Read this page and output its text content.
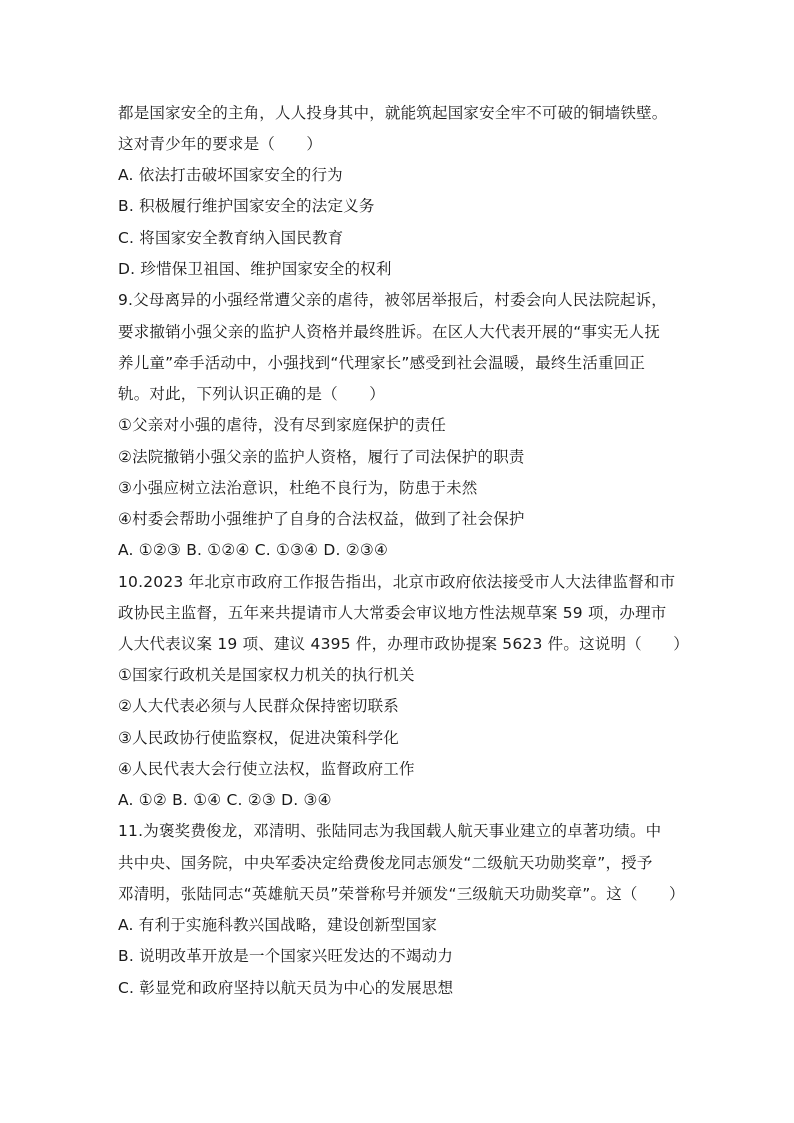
都是国家安全的主角，人人投身其中，就能筑起国家安全牢不可破的铜墙铁壁。
这对青少年的要求是（　　）
A. 依法打击破坏国家安全的行为
B. 积极履行维护国家安全的法定义务
C. 将国家安全教育纳入国民教育
D. 珍惜保卫祖国、维护国家安全的权利
9.父母离异的小强经常遭父亲的虐待，被邻居举报后，村委会向人民法院起诉，
要求撤销小强父亲的监护人资格并最终胜诉。在区人大代表开展的“事实无人抚
养儿童”牵手活动中，小强找到“代理家长”感受到社会温暖，最终生活重回正
轨。对此，下列认识正确的是（　　）
①父亲对小强的虐待，没有尽到家庭保护的责任
②法院撤销小强父亲的监护人资格，履行了司法保护的职责
③小强应树立法治意识，杜绝不良行为，防患于未然
④村委会帮助小强维护了自身的合法权益，做到了社会保护
A. ①②③ B. ①②④ C. ①③④ D. ②③④
10.2023 年北京市政府工作报告指出，北京市政府依法接受市人大法律监督和市
政协民主监督，五年来共提请市人大常委会审议地方性法规草案 59 项，办理市
人大代表议案 19 项、建议 4395 件，办理市政协提案 5623 件。这说明（　　）
①国家行政机关是国家权力机关的执行机关
②人大代表必须与人民群众保持密切联系
③人民政协行使监察权，促进决策科学化
④人民代表大会行使立法权，监督政府工作
A. ①② B. ①④ C. ②③ D. ③④
11.为褒奖费俊龙，邓清明、张陆同志为我国载人航天事业建立的卓著功绩。中
共中央、国务院，中央军委决定给费俊龙同志颁发“二级航天功勋奖章”，授予
邓清明，张陆同志“英雄航天员”荣誉称号并颁发“三级航天功勋奖章”。这（　　）
A. 有利于实施科教兴国战略，建设创新型国家
B. 说明改革开放是一个国家兴旺发达的不竭动力
C. 彰显党和政府坚持以航天员为中心的发展思想
